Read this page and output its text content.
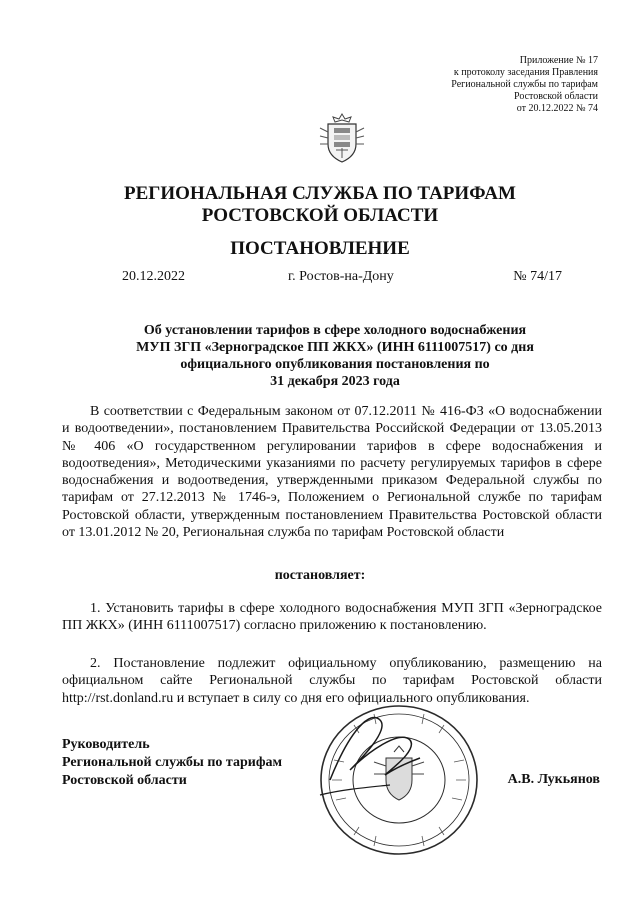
Приложение № 17
к протоколу заседания Правления
Региональной службы по тарифам
Ростовской области
от 20.12.2022 № 74
РЕГИОНАЛЬНАЯ СЛУЖБА ПО ТАРИФАМ
РОСТОВСКОЙ ОБЛАСТИ
ПОСТАНОВЛЕНИЕ
20.12.2022	г. Ростов-на-Дону	№ 74/17
Об установлении тарифов в сфере холодного водоснабжения
МУП ЗГП «Зерноградское ПП ЖКХ» (ИНН 6111007517) со дня
официального опубликования постановления по
31 декабря 2023 года
В соответствии с Федеральным законом от 07.12.2011 № 416-ФЗ «О водоснабжении и водоотведении», постановлением Правительства Российской Федерации от 13.05.2013 № 406 «О государственном регулировании тарифов в сфере водоснабжения и водоотведения», Методическими указаниями по расчету регулируемых тарифов в сфере водоснабжения и водоотведения, утвержденными приказом Федеральной службы по тарифам от 27.12.2013 № 1746-э, Положением о Региональной службе по тарифам Ростовской области, утвержденным постановлением Правительства Ростовской области от 13.01.2012 № 20, Региональная служба по тарифам Ростовской области
постановляет:
1. Установить тарифы в сфере холодного водоснабжения МУП ЗГП «Зерноградское ПП ЖКХ» (ИНН 6111007517) согласно приложению к постановлению.
2. Постановление подлежит официальному опубликованию, размещению на официальном сайте Региональной службы по тарифам Ростовской области http://rst.donland.ru и вступает в силу со дня его официального опубликования.
Руководитель
Региональной службы по тарифам
Ростовской области	А.В. Лукьянов
